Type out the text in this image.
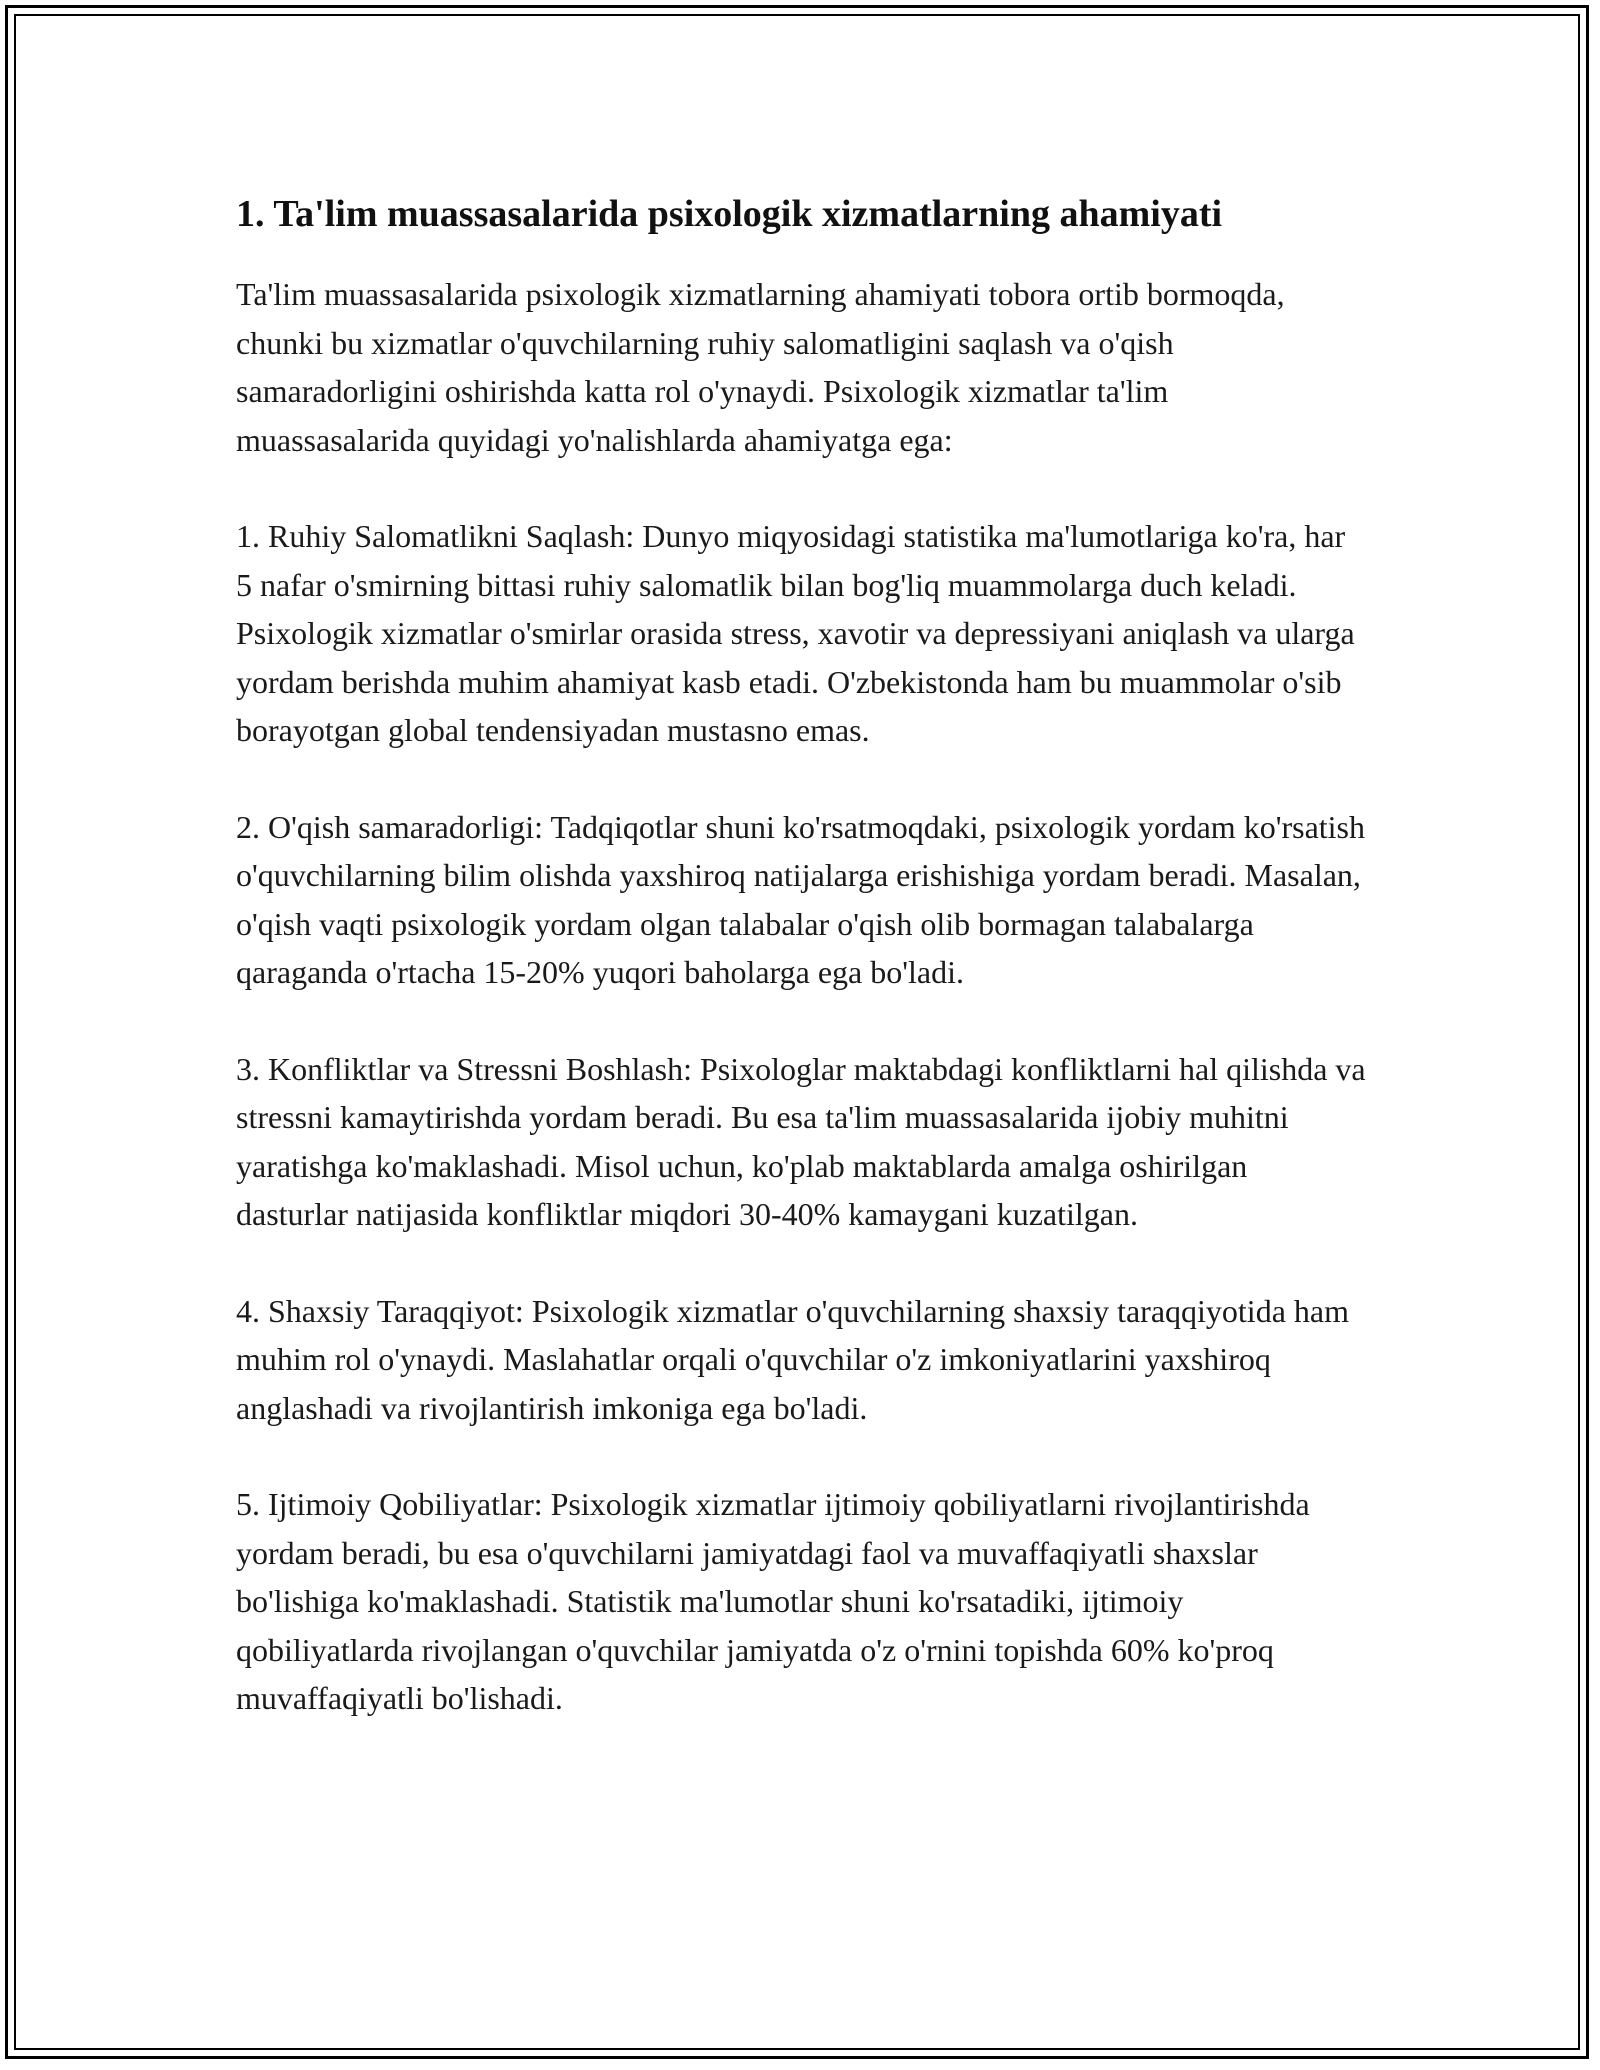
1. Ta'lim muassasalarida psixologik xizmatlarning ahamiyati

Ta'lim muassasalarida psixologik xizmatlarning ahamiyati tobora ortib bormoqda, chunki bu xizmatlar o'quvchilarning ruhiy salomatligini saqlash va o'qish samaradorligini oshirishda katta rol o'ynaydi. Psixologik xizmatlar ta'lim muassasalarida quyidagi yo'nalishlarda ahamiyatga ega:

1. Ruhiy Salomatlikni Saqlash: Dunyo miqyosidagi statistika ma'lumotlariga ko'ra, har 5 nafar o'smirning bittasi ruhiy salomatlik bilan bog'liq muammolarga duch keladi. Psixologik xizmatlar o'smirlar orasida stress, xavotir va depressiyani aniqlash va ularga yordam berishda muhim ahamiyat kasb etadi. O'zbekistonda ham bu muammolar o'sib borayotgan global tendensiyadan mustasno emas.

2. O'qish samaradorligi: Tadqiqotlar shuni ko'rsatmoqdaki, psixologik yordam ko'rsatish o'quvchilarning bilim olishda yaxshiroq natijalarga erishishiga yordam beradi. Masalan, o'qish vaqti psixologik yordam olgan talabalar o'qish olib bormagan talabalarga qaraganda o'rtacha 15-20% yuqori baholarga ega bo'ladi.

3. Konfliktlar va Stressni Boshlash: Psixologlar maktabdagi konfliktlarni hal qilishda va stressni kamaytirishda yordam beradi. Bu esa ta'lim muassasalarida ijobiy muhitni yaratishga ko'maklashadi. Misol uchun, ko'plab maktablarda amalga oshirilgan dasturlar natijasida konfliktlar miqdori 30-40% kamaygani kuzatilgan.

4. Shaxsiy Taraqqiyot: Psixologik xizmatlar o'quvchilarning shaxsiy taraqqiyotida ham muhim rol o'ynaydi. Maslahatlar orqali o'quvchilar o'z imkoniyatlarini yaxshiroq anglashadi va rivojlantirish imkoniga ega bo'ladi.

5. Ijtimoiy Qobiliyatlar: Psixologik xizmatlar ijtimoiy qobiliyatlarni rivojlantirishda yordam beradi, bu esa o'quvchilarni jamiyatdagi faol va muvaffaqiyatli shaxslar bo'lishiga ko'maklashadi. Statistik ma'lumotlar shuni ko'rsatadiki, ijtimoiy qobiliyatlarda rivojlangan o'quvchilar jamiyatda o'z o'rnini topishda 60% ko'proq muvaffaqiyatli bo'lishadi.
